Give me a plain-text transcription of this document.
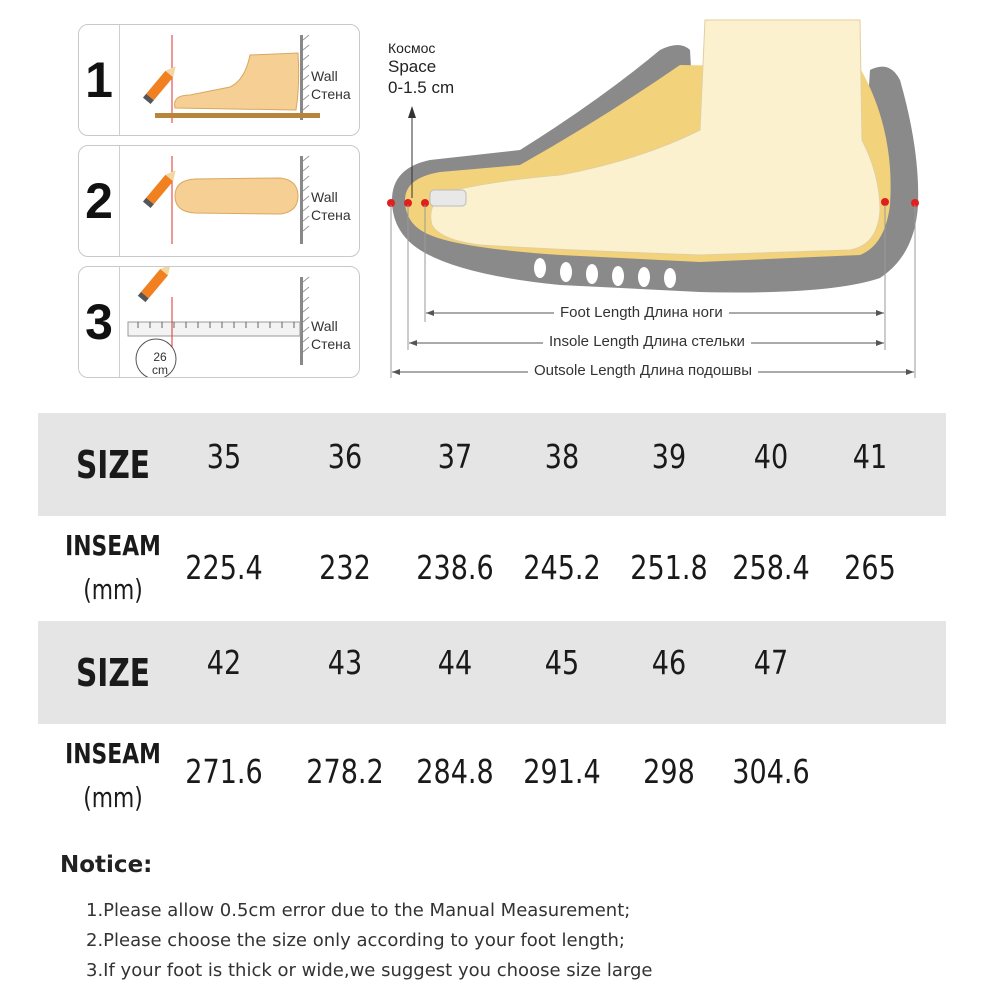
1	Wall
Стена
2	Wall
Стена
3
26
cm
Wall
Стена
Космос
Space
0-1.5 cm
Foot Length Длина ноги
Insole Length Длина стельки
Outsole Length Длина подошвы
SIZE	35	36	37	38	39	40	41
INSEAM
(mm)
225.4	232	238.6 245.2 251.8 258.4	265
SIZE	42	43	44	45	46	47
INSEAM
(mm)
271.6 278.2 284.8 291.4	298	304.6
Notice:
1.Please allow 0.5cm error due to the Manual Measurement;
2.Please choose the size only according to your foot length;
3.If your foot is thick or wide,we suggest you choose size large
